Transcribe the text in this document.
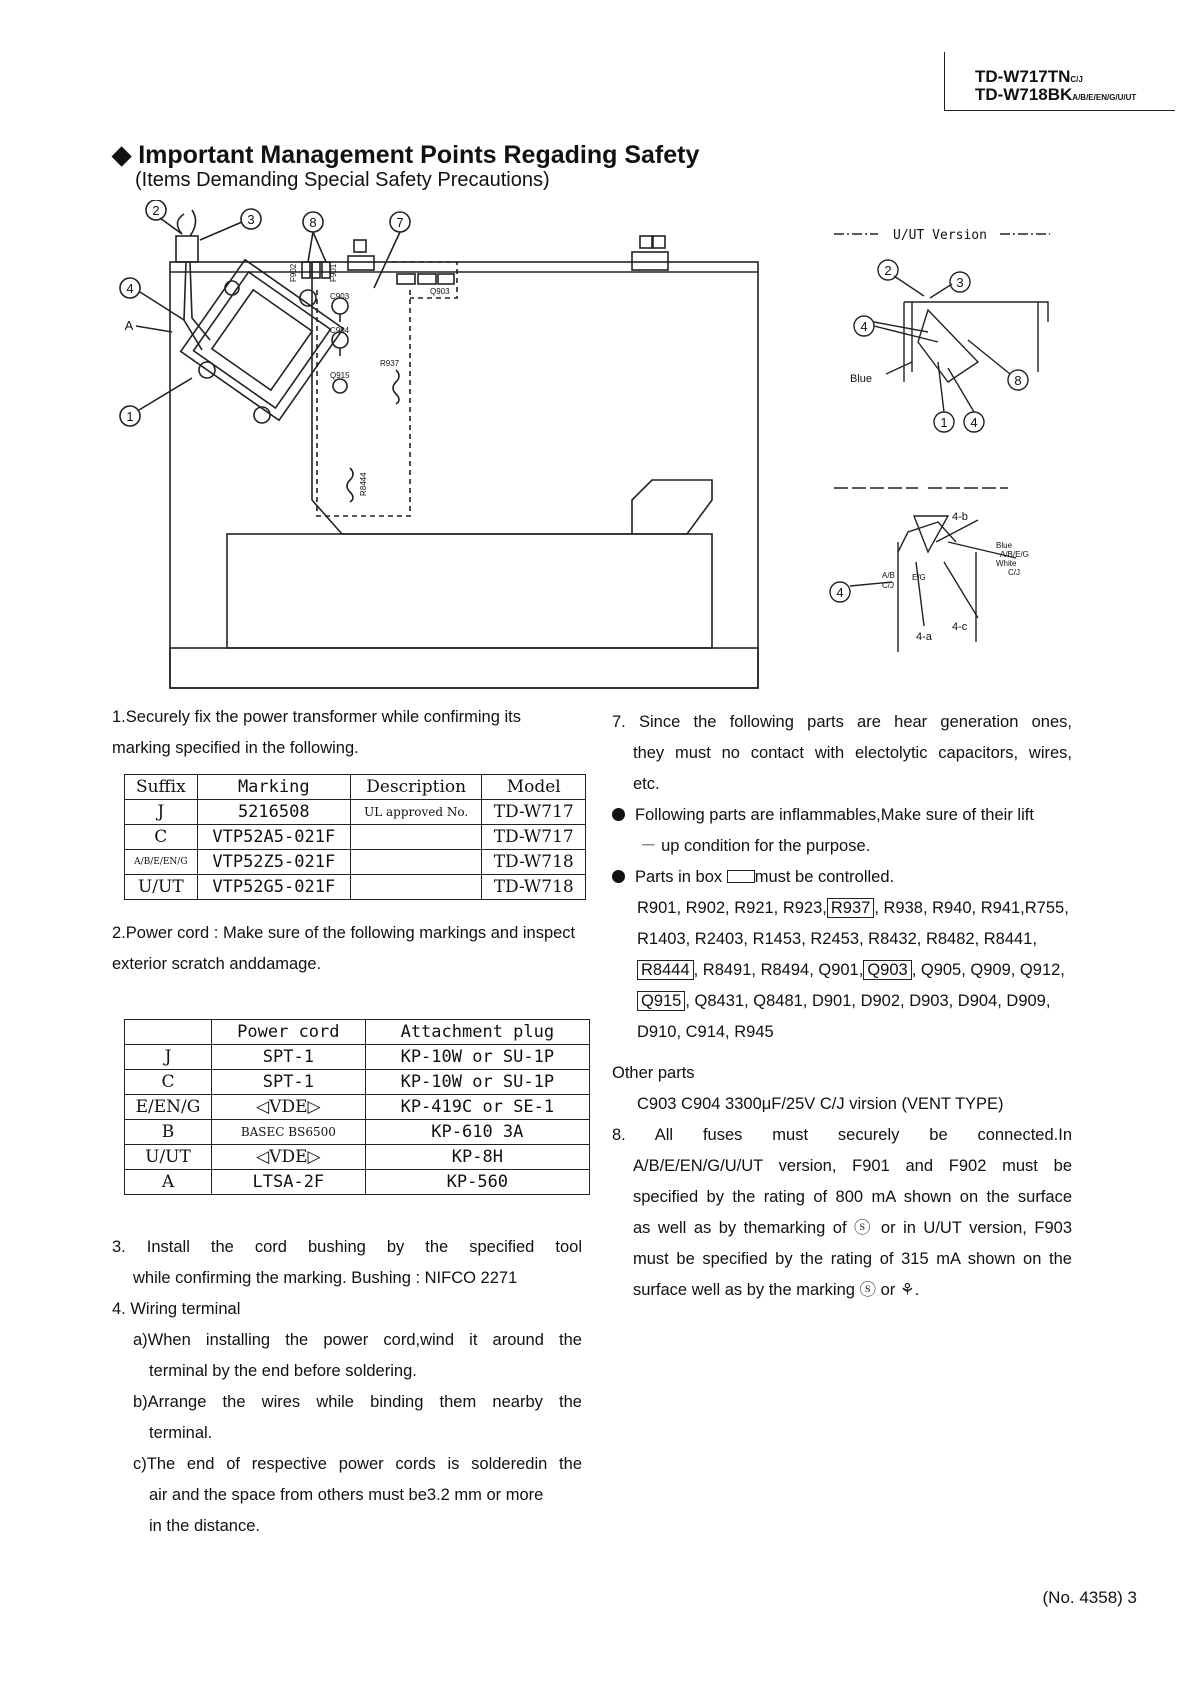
TD-W717TNC/J
TD-W718BKA/B/E/EN/G/U/UT
◆ Important Management Points Regading Safety
(Items Demanding Special Safety Precautions)
2
3	8	7
4
A
1
F902	F901
C903
C904
Q903
R937
Q915
R8444
U/UT Version
2
3
4
8
1 4
4
Blue
4-b
4-a
4-c
Blue
A/B/E/G
White
C/J
A/B
C/J
E/G

1.Securely fix the power transformer while confirming its marking specified in the following.

Suffix	Marking	Description	Model
J	5216508	UL approved No.	TD-W717
C	VTP52A5-021F		TD-W717
A/B/E/EN/G	VTP52Z5-021F		TD-W718
U/UT	VTP52G5-021F		TD-W718

2.Power cord : Make sure of the following markings and inspect exterior scratch anddamage.

	Power cord	Attachment plug
J	SPT-1	KP-10W or SU-1P
C	SPT-1	KP-10W or SU-1P
E/EN/G	◁VDE▷	KP-419C or SE-1
B	BASEC BS6500	KP-610 3A
U/UT	◁VDE▷	KP-8H
A	LTSA-2F	KP-560

3. Install the cord bushing by the specified tool

while confirming the marking. Bushing : NIFCO 2271

4. Wiring terminal

a)When installing the power cord,wind it around the

terminal by the end before soldering.

b)Arrange the wires while binding them nearby the

terminal.

c)The end of respective power cords is solderedin the

air and the space from others must be3.2 mm or more

in the distance.

7. Since the following parts are hear generation ones,

they must no contact with electolytic capacitors, wires,

etc.

Following parts are inflammables,Make sure of their lift

－ up condition for the purpose.

Parts in box must be controlled.

R901, R902, R921, R923, R937 , R938, R940, R941,R755,

R1403, R2403, R1453, R2453, R8432, R8482, R8441,

R8444 , R8491, R8494, Q901, Q903 , Q905, Q909, Q912,

Q915 , Q8431, Q8481, D901, D902, D903, D904, D909,

D910, C914, R945

Other parts

C903 C904 3300μF/25V C/J virsion (VENT TYPE)

8. All fuses must securely be connected.In

A/B/E/EN/G/U/UT version, F901 and F902 must be

specified by the rating of 800 mA shown on the surface

as well as by themarking of ⓢ or in U/UT version, F903

must be specified by the rating of 315 mA shown on the

surface well as by the marking ⓢ or ⚘.

(No. 4358) 3
